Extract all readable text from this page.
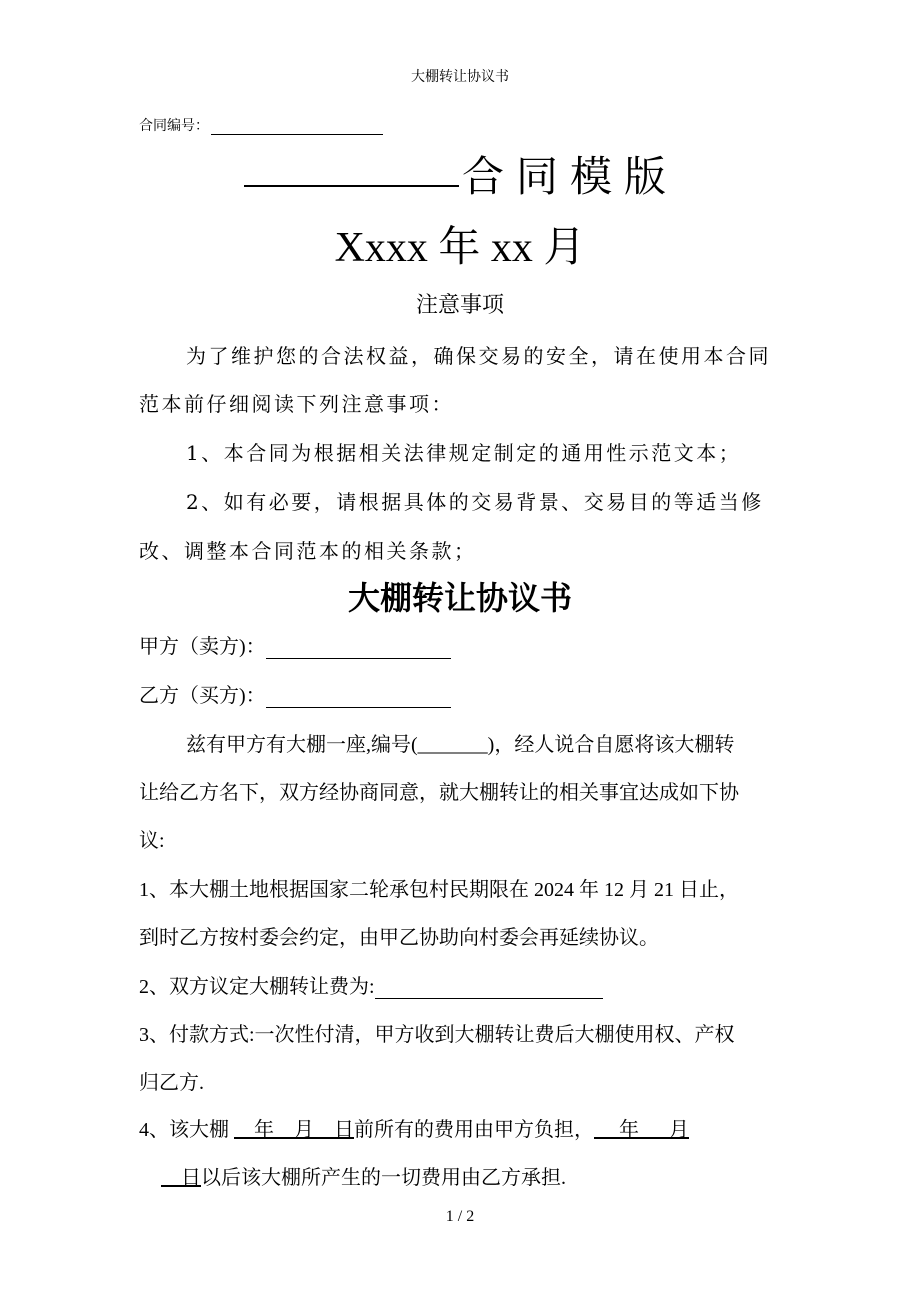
大棚转让协议书
合同编号：
合同模版
Xxxx 年 xx 月
注意事项
为了维护您的合法权益，确保交易的安全，请在使用本合同
范本前仔细阅读下列注意事项：
1、本合同为根据相关法律规定制定的通用性示范文本；
2、如有必要，请根据具体的交易背景、交易目的等适当修
改、调整本合同范本的相关条款；
大棚转让协议书
甲方（卖方)：
乙方（买方)：
兹有甲方有大棚一座,编号(_______)，经人说合自愿将该大棚转
让给乙方名下，双方经协商同意，就大棚转让的相关事宜达成如下协
议:
1、本大棚土地根据国家二轮承包村民期限在 2024 年 12 月 21 日止，
到时乙方按村委会约定，由甲乙协助向村委会再延续协议。
2、双方议定大棚转让费为:
3、付款方式:一次性付清，甲方收到大棚转让费后大棚使用权、产权
归乙方.
4、该大棚     年    月    日前所有的费用由甲方负担，     年      月
日以后该大棚所产生的一切费用由乙方承担.
1 / 2
